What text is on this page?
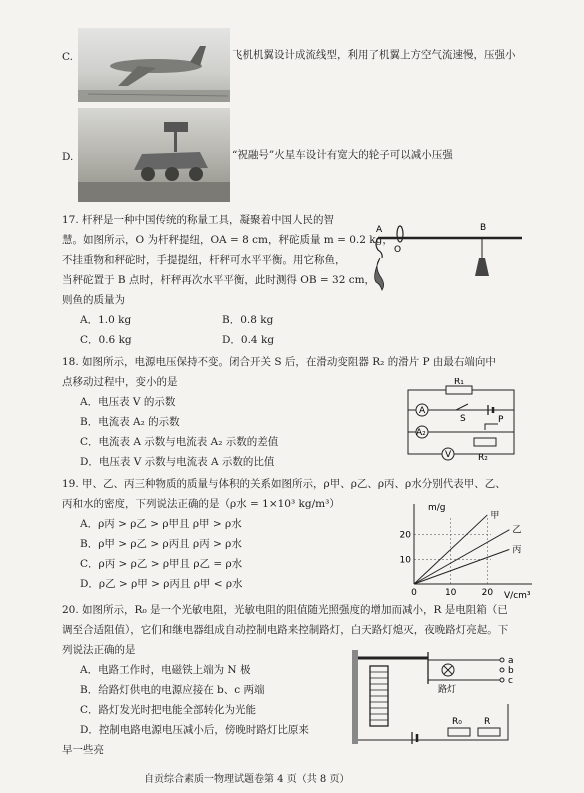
C.	飞机机翼设计成流线型，利用了机翼上方空气流速慢，压强小
D.	“祝融号”火星车设计有宽大的轮子可以减小压强
17. 杆秤是一种中国传统的称量工具，凝聚着中国人民的智
慧。如图所示，O 为杆秤提纽，OA = 8 cm，秤砣质量 m = 0.2 kg，
不挂重物和秤砣时，手提提纽，杆秤可水平平衡。用它称鱼，
当秤砣置于 B 点时，杆秤再次水平平衡，此时测得 OB = 32 cm，
则鱼的质量为
A．1.0 kg	B．0.8 kg
C．0.6 kg	D．0.4 kg
A
O
B
18. 如图所示，电源电压保持不变。闭合开关 S 后，在滑动变阻器 R₂ 的滑片 P 由最右端向中
点移动过程中，变小的是
A．电压表 V 的示数
B．电流表 A₂ 的示数
C．电流表 A 示数与电流表 A₂ 示数的差值
D．电压表 V 示数与电流表 A 示数的比值
R₁
A
A₂
V
S	P
R₂
19. 甲、乙、丙三种物质的质量与体积的关系如图所示，ρ甲、ρ乙、ρ丙、ρ水分别代表甲、乙、
丙和水的密度，下列说法正确的是（ρ水 = 1×10³ kg/m³）
A．ρ丙 > ρ乙 > ρ甲且 ρ甲 > ρ水
B．ρ甲 > ρ乙 > ρ丙且 ρ丙 > ρ水
C．ρ丙 > ρ乙 > ρ甲且 ρ乙 = ρ水
D．ρ乙 > ρ甲 > ρ丙且 ρ甲 < ρ水
甲
乙
丙
10
20
0	10	20
m/g
V/cm³
20. 如图所示，R₀ 是一个光敏电阻，光敏电阻的阻值随光照强度的增加而减小，R 是电阻箱（已
调至合适阻值），它们和继电器组成自动控制电路来控制路灯，白天路灯熄灭，夜晚路灯亮起。下
列说法正确的是
A．电路工作时，电磁铁上端为 N 极
B．给路灯供电的电源应接在 b、c 两端
C．路灯发光时把电能全部转化为光能
D．控制电路电源电压减小后，傍晚时路灯比原来
早一些亮
a
b
c
路灯
R₀ R
自贡综合素质一物理试题卷第 4 页（共 8 页）
